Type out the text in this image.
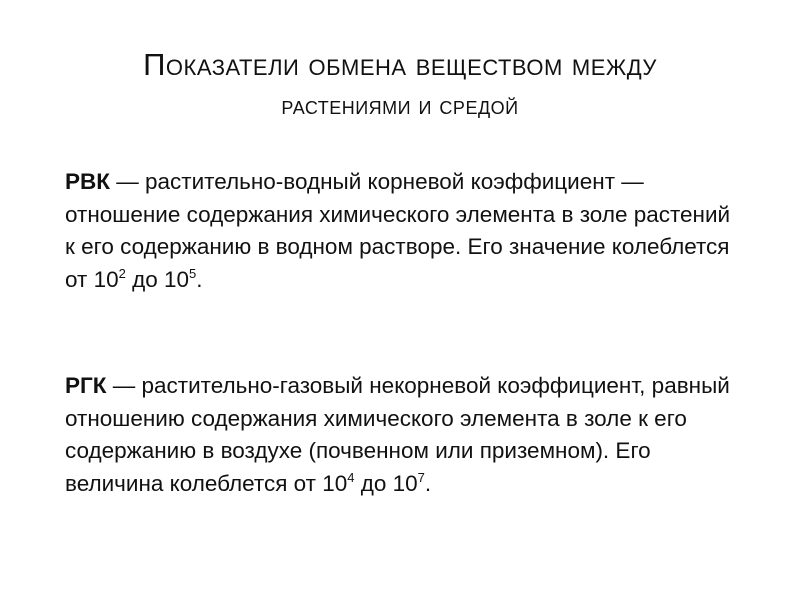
Показатели обмена веществом между
растениями и средой

РВК — растительно-водный корневой коэффициент — отношение содержания химического элемента в золе растений к его содержанию в водном растворе. Его значение колеблется от $10^2$ до $10^5$.

РГК — растительно-газовый некорневой коэффициент, равный отношению содержания химического элемента в золе к его содержанию в воздухе (почвенном или приземном). Его величина колеблется от $10^4$ до $10^7$.
